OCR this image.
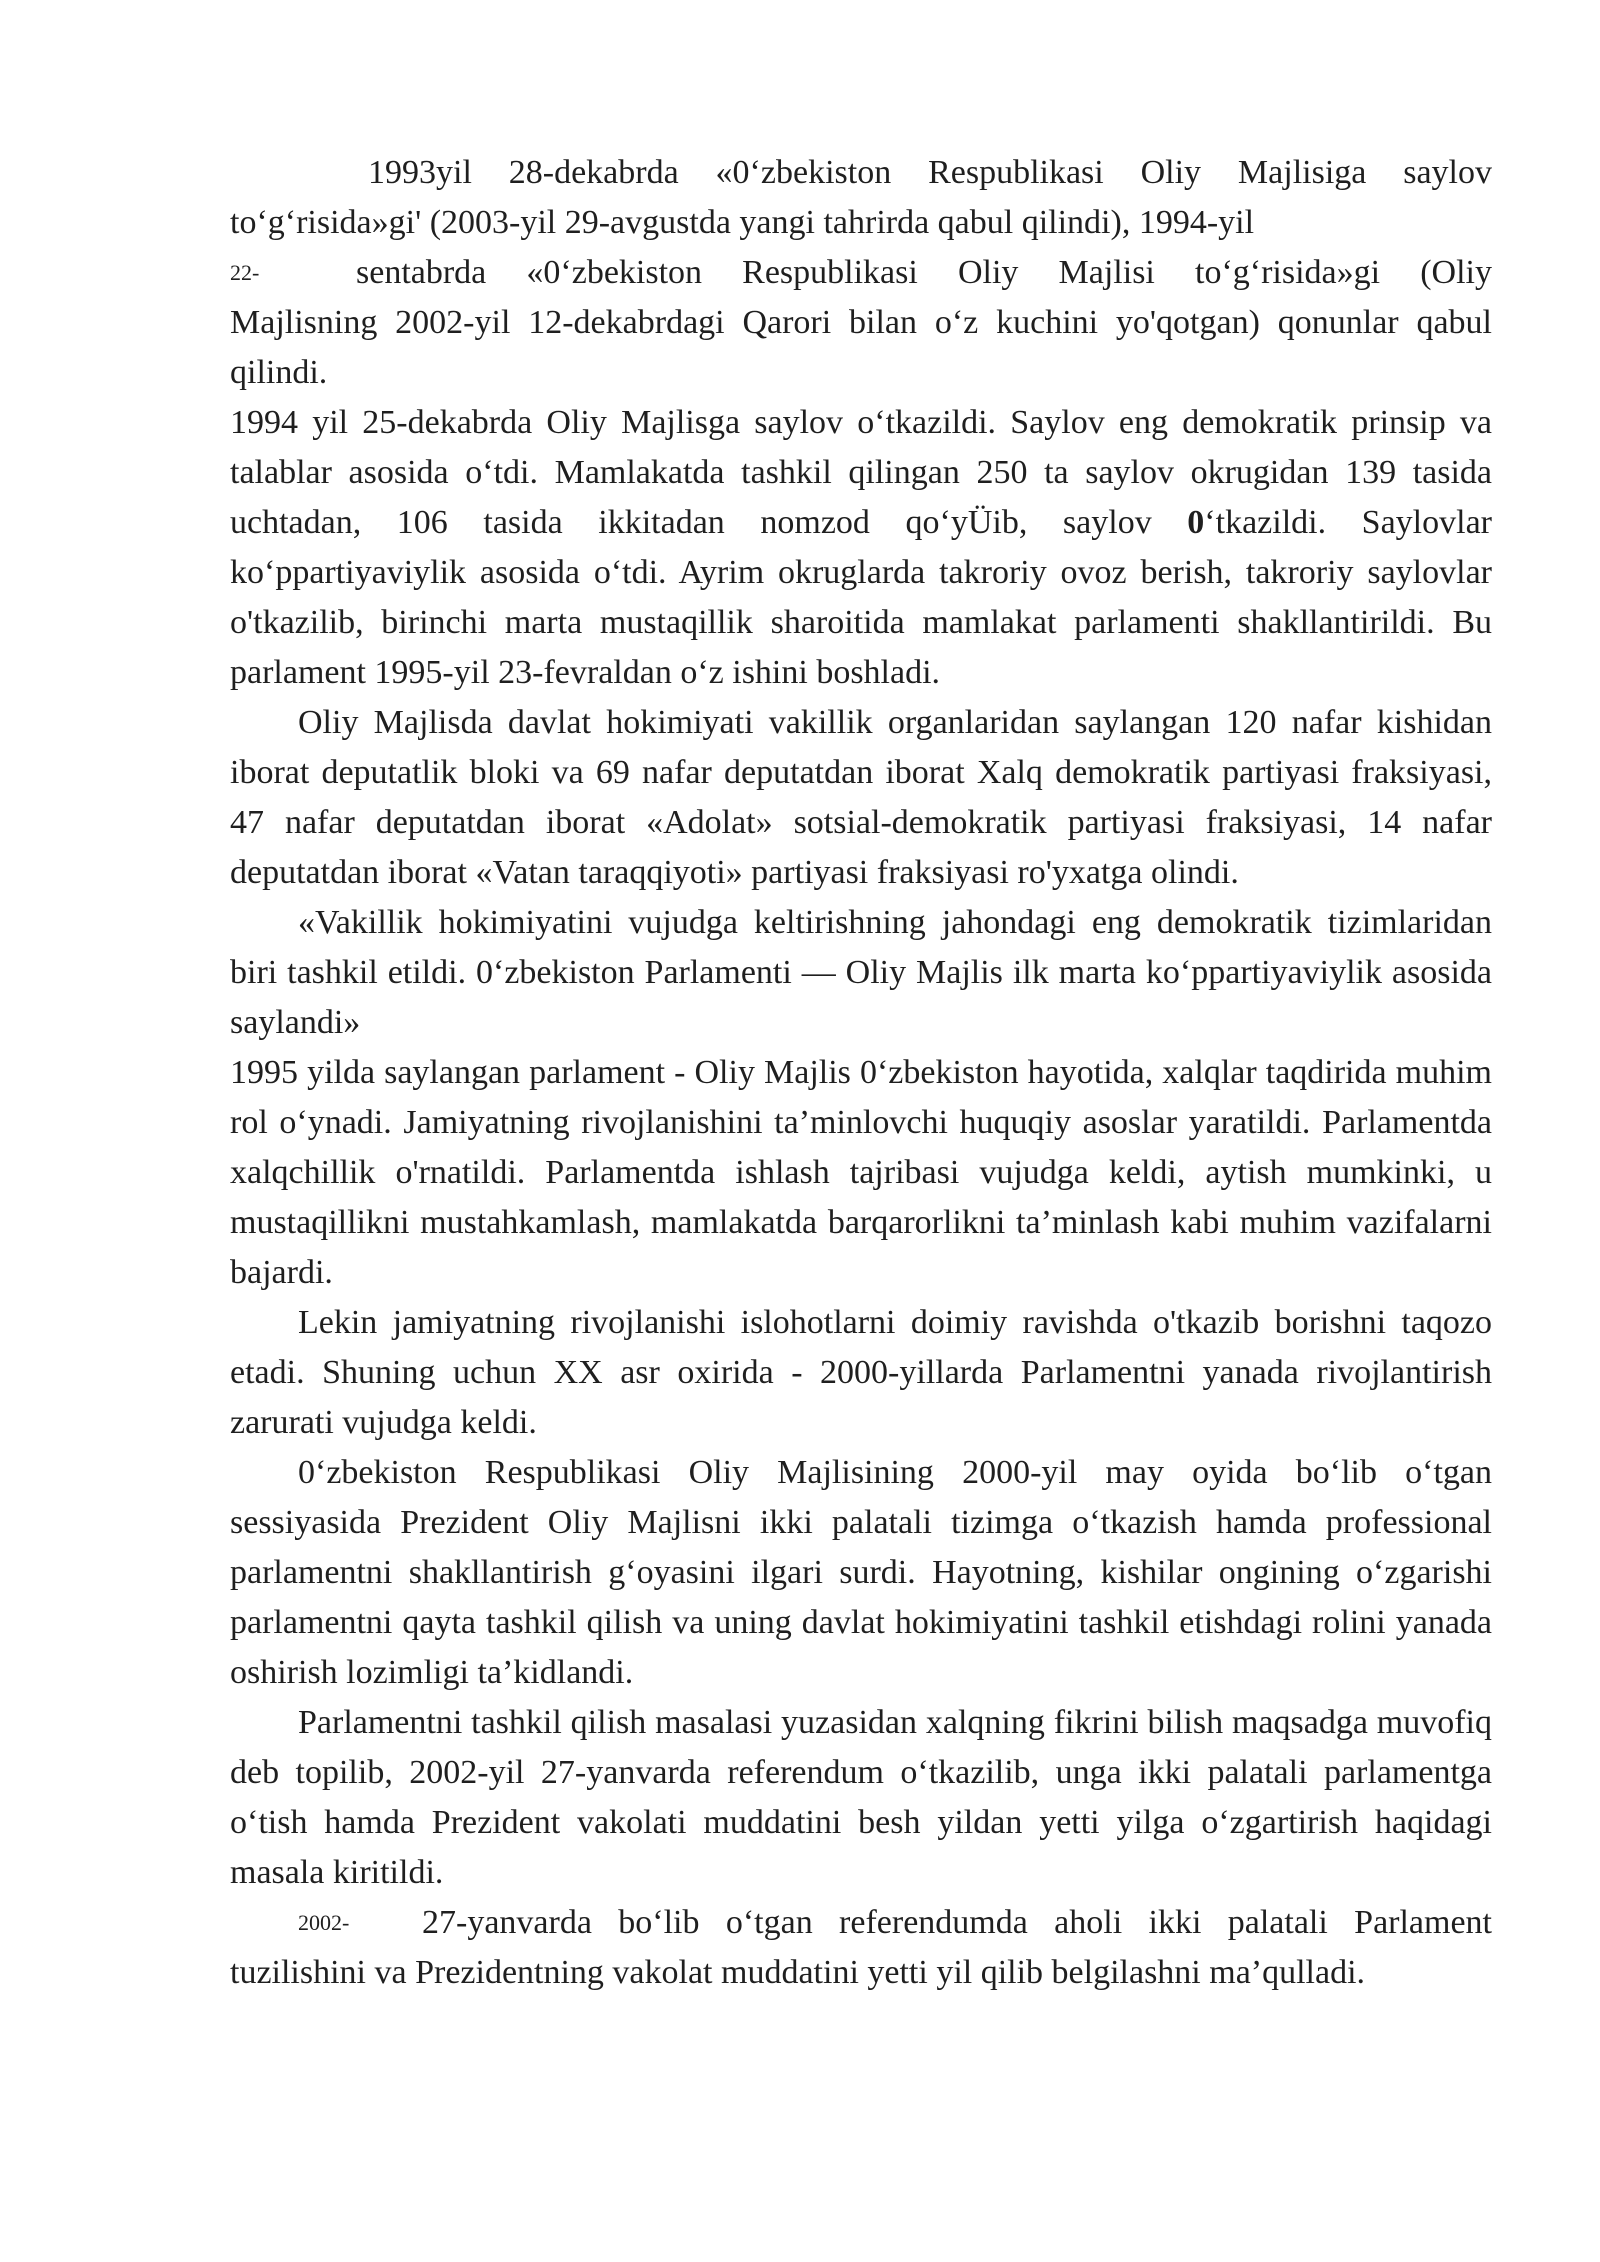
1993yil 28-dekabrda «0‘zbekiston Respublikasi Oliy Majlisiga saylov

to‘g‘risida»gi' (2003-yil 29-avgustda yangi tahrirda qabul qilindi), 1994-yil

22-	sentabrda «0‘zbekiston Respublikasi Oliy Majlisi to‘g‘risida»gi (Oliy

Majlisning 2002-yil 12-dekabrdagi Qarori bilan o‘z kuchini yo'qotgan) qonunlar qabul qilindi.

1994 yil 25-dekabrda Oliy Majlisga saylov o‘tkazildi. Saylov eng demokratik prinsip va talablar asosida o‘tdi. Mamlakatda tashkil qilingan 250 ta saylov okrugidan 139 tasida uchtadan, 106 tasida ikkitadan nomzod qo‘yÜib, saylov 0‘tkazildi. Saylovlar ko‘ppartiyaviylik asosida o‘tdi. Ayrim okruglarda takroriy ovoz berish, takroriy saylovlar o'tkazilib, birinchi marta mustaqillik sharoitida mamlakat parlamenti shakllantirildi. Bu parlament 1995-yil 23-fevraldan o‘z ishini boshladi.

Oliy Majlisda davlat hokimiyati vakillik organlaridan saylangan 120 nafar kishidan iborat deputatlik bloki va 69 nafar deputatdan iborat Xalq demokratik partiyasi fraksiyasi, 47 nafar deputatdan iborat «Adolat» sotsial-demokratik partiyasi fraksiyasi, 14 nafar deputatdan iborat «Vatan taraqqiyoti» partiyasi fraksiyasi ro'yxatga olindi.

«Vakillik hokimiyatini vujudga keltirishning jahondagi eng demokratik tizimlaridan biri tashkil etildi. 0‘zbekiston Parlamenti — Oliy Majlis ilk marta ko‘ppartiyaviylik asosida saylandi»

1995 yilda saylangan parlament - Oliy Majlis 0‘zbekiston hayotida, xalqlar taqdirida muhim rol o‘ynadi. Jamiyatning rivojlanishini ta’minlovchi huquqiy asoslar yaratildi. Parlamentda xalqchillik o'rnatildi. Parlamentda ishlash tajribasi vujudga keldi, aytish mumkinki, u mustaqillikni mustahkamlash, mamlakatda barqarorlikni ta’minlash kabi muhim vazifalarni bajardi.

Lekin jamiyatning rivojlanishi islohotlarni doimiy ravishda o'tkazib borishni taqozo etadi. Shuning uchun XX asr oxirida - 2000-yillarda Parlamentni yanada rivojlantirish zarurati vujudga keldi.

0‘zbekiston Respublikasi Oliy Majlisining 2000-yil may oyida bo‘lib o‘tgan sessiyasida Prezident Oliy Majlisni ikki palatali tizimga o‘tkazish hamda professional parlamentni shakllantirish g‘oyasini ilgari surdi. Hayotning, kishilar ongining o‘zgarishi parlamentni qayta tashkil qilish va uning davlat hokimiyatini tashkil etishdagi rolini yanada oshirish lozimligi ta’kidlandi.

Parlamentni tashkil qilish masalasi yuzasidan xalqning fikrini bilish maqsadga muvofiq deb topilib, 2002-yil 27-yanvarda referendum o‘tkazilib, unga ikki palatali parlamentga o‘tish hamda Prezident vakolati muddatini besh yildan yetti yilga o‘zgartirish haqidagi masala kiritildi.

2002-	27-yanvarda bo‘lib o‘tgan referendumda aholi ikki palatali Parlament

tuzilishini va Prezidentning vakolat muddatini yetti yil qilib belgilashni ma’qulladi.
